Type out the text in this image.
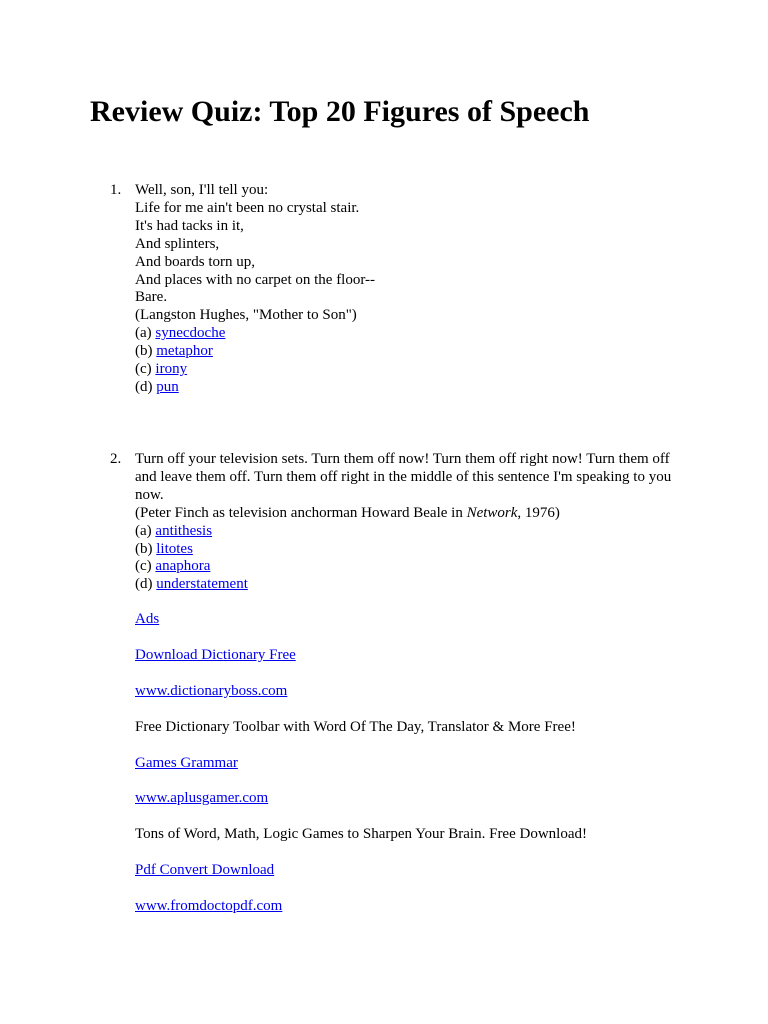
Review Quiz: Top 20 Figures of Speech
1. Well, son, I'll tell you:
Life for me ain't been no crystal stair.
It's had tacks in it,
And splinters,
And boards torn up,
And places with no carpet on the floor--
Bare.
(Langston Hughes, "Mother to Son")
(a) synecdoche
(b) metaphor
(c) irony
(d) pun
2. Turn off your television sets. Turn them off now! Turn them off right now! Turn them off and leave them off. Turn them off right in the middle of this sentence I'm speaking to you now.
(Peter Finch as television anchorman Howard Beale in Network, 1976)
(a) antithesis
(b) litotes
(c) anaphora
(d) understatement
Ads
Download Dictionary Free
www.dictionaryboss.com
Free Dictionary Toolbar with Word Of The Day, Translator & More Free!
Games Grammar
www.aplusgamer.com
Tons of Word, Math, Logic Games to Sharpen Your Brain. Free Download!
Pdf Convert Download
www.fromdoctopdf.com
